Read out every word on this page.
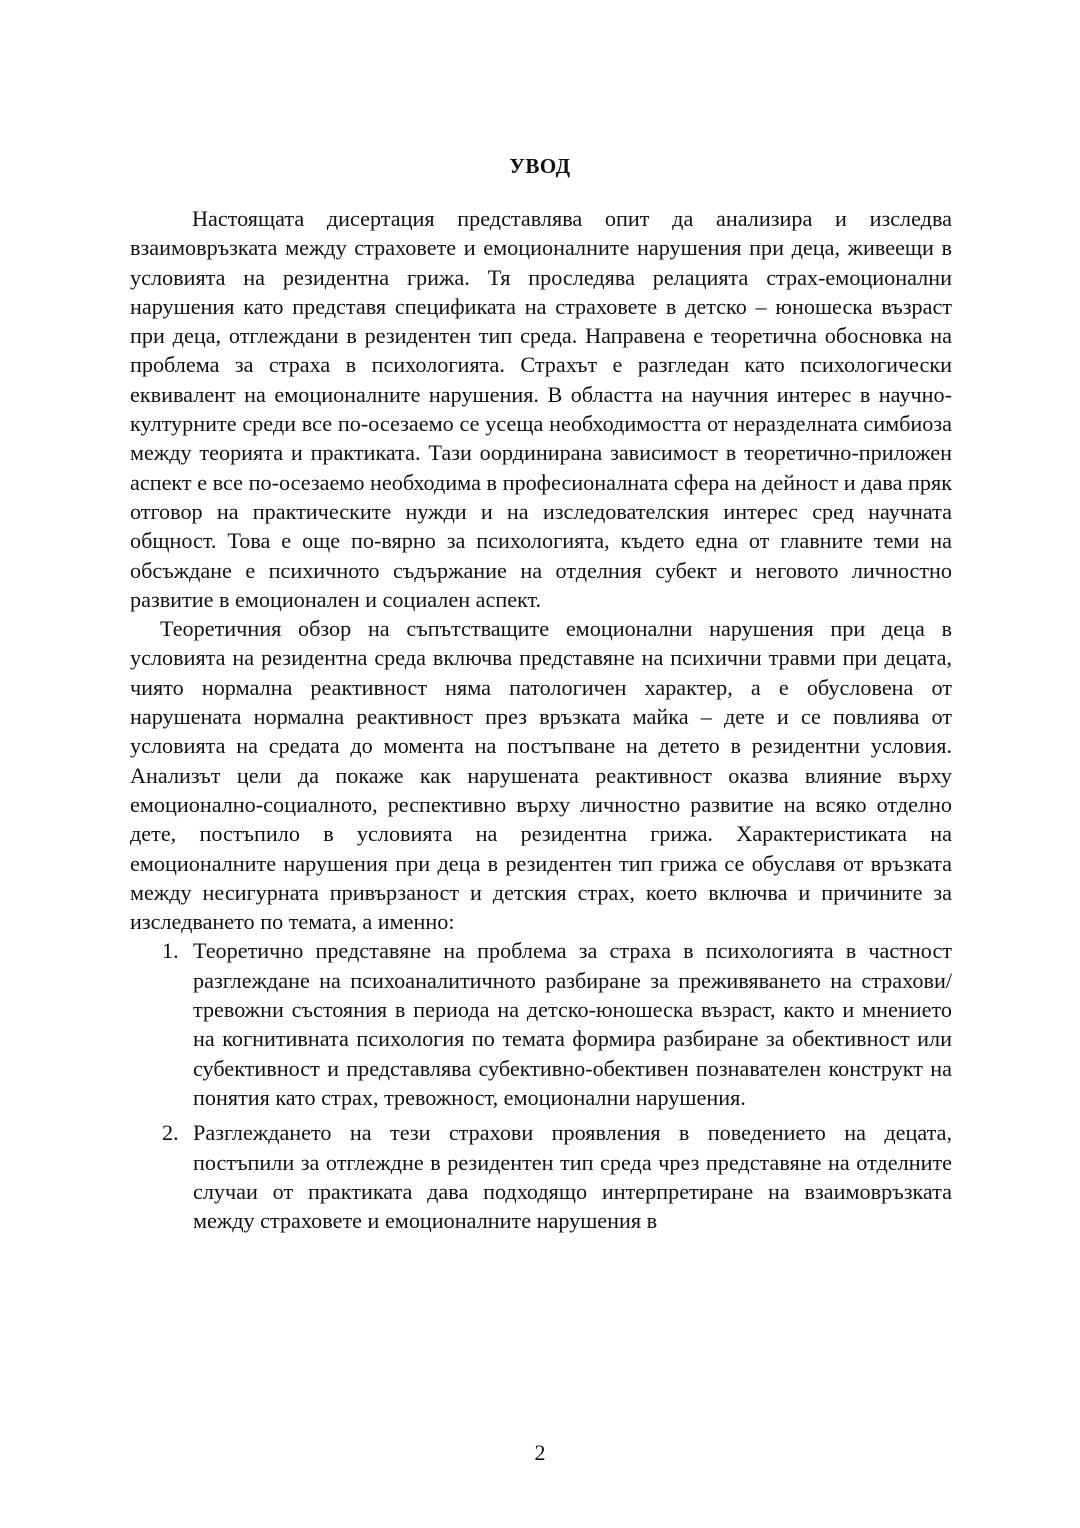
УВОД

Настоящата дисертация представлява опит да анализира и изследва взаимовръзката между страховете и емоционалните нарушения при деца, живеещи в условията на резидентна грижа. Тя проследява релацията страх-емоционални нарушения като представя спецификата на страховете в детско – юношеска възраст при деца, отглеждани в резидентен тип среда. Направена е теоретична обосновка на проблема за страха в психологията. Страхът е разгледан като психологически еквивалент на емоционалните нарушения. В областта на научния интерес в научно-културните среди все по-осезаемо се усеща необходимостта от неразделната симбиоза между теорията и практиката. Тази оординирана зависимост в теоретично-приложен аспект е все по-осезаемо необходима в професионалната сфера на дейност и дава пряк отговор на практическите нужди и на изследователския интерес сред научната общност. Това е още по-вярно за психологията, където една от главните теми на обсъждане е психичното съдържание на отделния субект и неговото личностно развитие в емоционален и социален аспект.

Теоретичния обзор на съпътстващите емоционални нарушения при деца в условията на резидентна среда включва представяне на психични травми при децата, чиято нормална реактивност няма патологичен характер, а е обусловена от нарушената нормална реактивност през връзката майка – дете и се повлиява от условията на средата до момента на постъпване на детето в резидентни условия. Анализът цели да покаже как нарушената реактивност оказва влияние върху емоционално-социалното, респективно върху личностно развитие на всяко отделно дете, постъпило в условията на резидентна грижа. Характеристиката на емоционалните нарушения при деца в резидентен тип грижа се обуславя от връзката между несигурната привързаност и детския страх, което включва и причините за изследването по темата, а именно:

1. Теоретично представяне на проблема за страха в психологията в частност разглеждане на психоаналитичното разбиране за преживяването на страхови/тревожни състояния в периода на детско-юношеска възраст, както и мнението на когнитивната психология по темата формира разбиране за обективност или субективност и представлява субективно-обективен познавателен конструкт на понятия като страх, тревожност, емоционални нарушения.
2. Разглеждането на тези страхови проявления в поведението на децата, постъпили за отглеждне в резидентен тип среда чрез представяне на отделните случаи от практиката дава подходящо интерпретиране на взаимовръзката между страховете и емоционалните нарушения в
2
